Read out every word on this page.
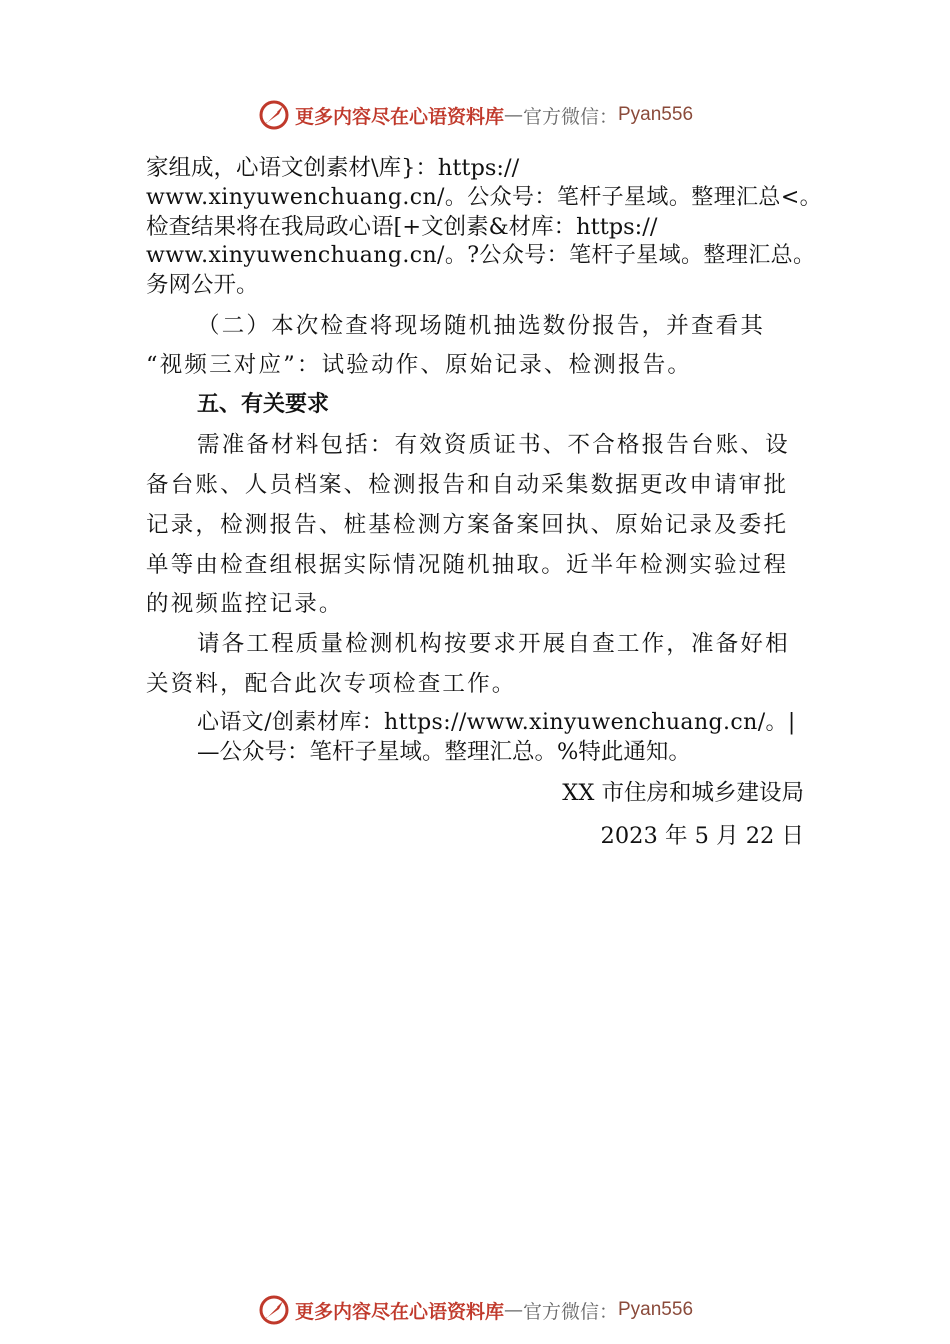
更多内容尽在心语资料库 — 官方微信： Pyan556
家组成，心语文创素材\库}：https://
www.xinyuwenchuang.cn/。公众号：笔杆子星域。整理汇总<。
检查结果将在我局政心语[+文创素&材库：https://
www.xinyuwenchuang.cn/。?公众号：笔杆子星域。整理汇总。
务网公开。
（二）本次检查将现场随机抽选数份报告，并查看其
“视频三对应”：试验动作、原始记录、检测报告。
五、有关要求
需准备材料包括：有效资质证书、不合格报告台账、设
备台账、人员档案、检测报告和自动采集数据更改申请审批
记录，检测报告、桩基检测方案备案回执、原始记录及委托
单等由检查组根据实际情况随机抽取。近半年检测实验过程
的视频监控记录。
请各工程质量检测机构按要求开展自查工作，准备好相
关资料，配合此次专项检查工作。
心语文/创素材库：https://www.xinyuwenchuang.cn/。|
—公众号：笔杆子星域。整理汇总。%特此通知。
XX 市住房和城乡建设局
2023 年 5 月 22 日
更多内容尽在心语资料库 — 官方微信： Pyan556
